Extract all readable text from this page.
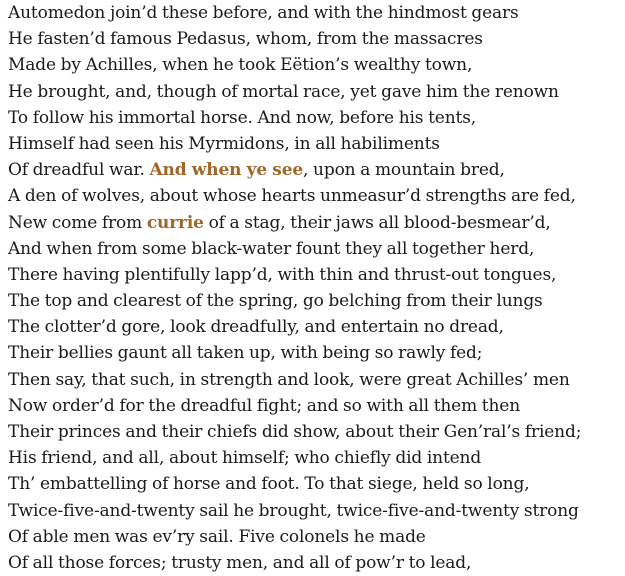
Automedon join’d these before, and with the hindmost gears
He fasten’d famous Pedasus, whom, from the massacres
Made by Achilles, when he took Eëtion’s wealthy town,
He brought, and, though of mortal race, yet gave him the renown
To follow his immortal horse. And now, before his tents,
Himself had seen his Myrmidons, in all habiliments
Of dreadful war. And when ye see, upon a mountain bred,
A den of wolves, about whose hearts unmeasur’d strengths are fed,
New come from currie of a stag, their jaws all blood-besmear’d,
And when from some black-water fount they all together herd,
There having plentifully lapp’d, with thin and thrust-out tongues,
The top and clearest of the spring, go belching from their lungs
The clotter’d gore, look dreadfully, and entertain no dread,
Their bellies gaunt all taken up, with being so rawly fed;
Then say, that such, in strength and look, were great Achilles’ men
Now order’d for the dreadful fight; and so with all them then
Their princes and their chiefs did show, about their Gen’ral’s friend;
His friend, and all, about himself; who chiefly did intend
Th’ embattelling of horse and foot. To that siege, held so long,
Twice-five-and-twenty sail he brought, twice-five-and-twenty strong
Of able men was ev’ry sail. Five colonels he made
Of all those forces; trusty men, and all of pow’r to lead,
